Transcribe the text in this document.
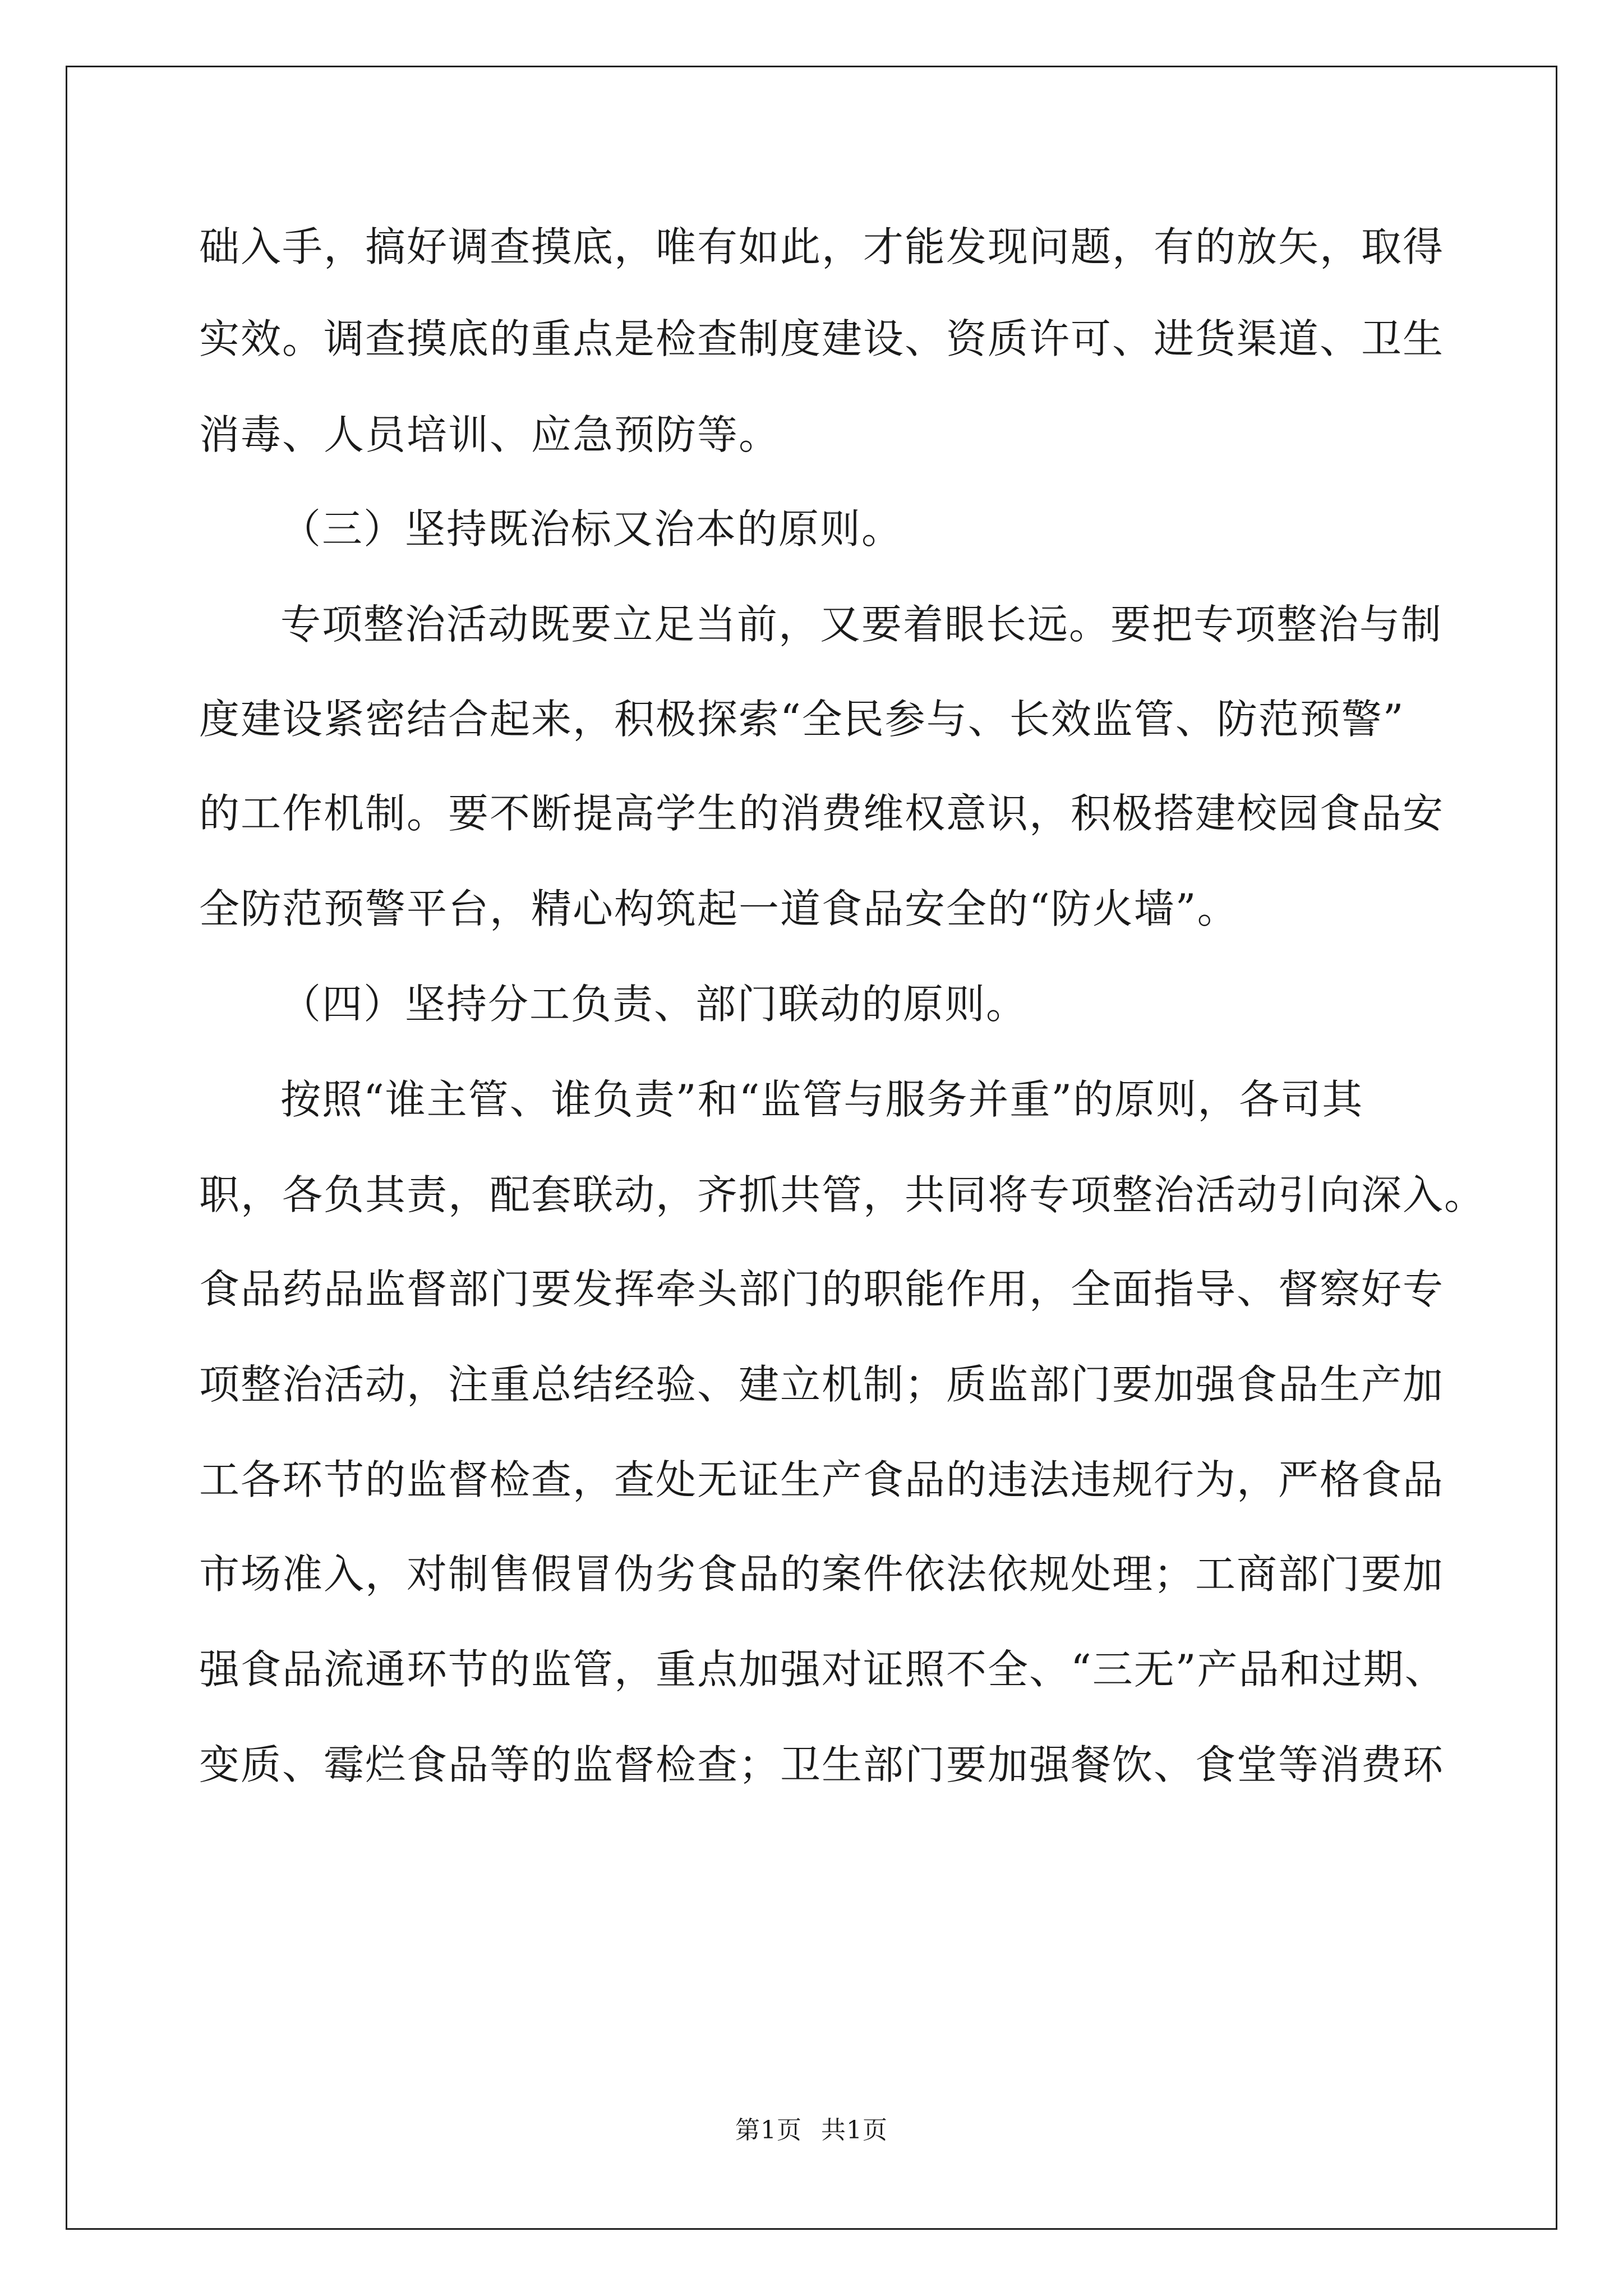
础入手，搞好调查摸底，唯有如此，才能发现问题，有的放矢，取得
实效。调查摸底的重点是检查制度建设、资质许可、进货渠道、卫生
消毒、人员培训、应急预防等。
（三）坚持既治标又治本的原则。
专项整治活动既要立足当前，又要着眼长远。要把专项整治与制
度建设紧密结合起来，积极探索“全民参与、长效监管、防范预警”
的工作机制。要不断提高学生的消费维权意识，积极搭建校园食品安
全防范预警平台，精心构筑起一道食品安全的“防火墙”。
（四）坚持分工负责、部门联动的原则。
按照“谁主管、谁负责”和“监管与服务并重”的原则，各司其
职，各负其责，配套联动，齐抓共管，共同将专项整治活动引向深入。
食品药品监督部门要发挥牵头部门的职能作用，全面指导、督察好专
项整治活动，注重总结经验、建立机制；质监部门要加强食品生产加
工各环节的监督检查，查处无证生产食品的违法违规行为，严格食品
市场准入，对制售假冒伪劣食品的案件依法依规处理；工商部门要加
强食品流通环节的监管，重点加强对证照不全、“三无”产品和过期、
变质、霉烂食品等的监督检查；卫生部门要加强餐饮、食堂等消费环
第1页 共1页
